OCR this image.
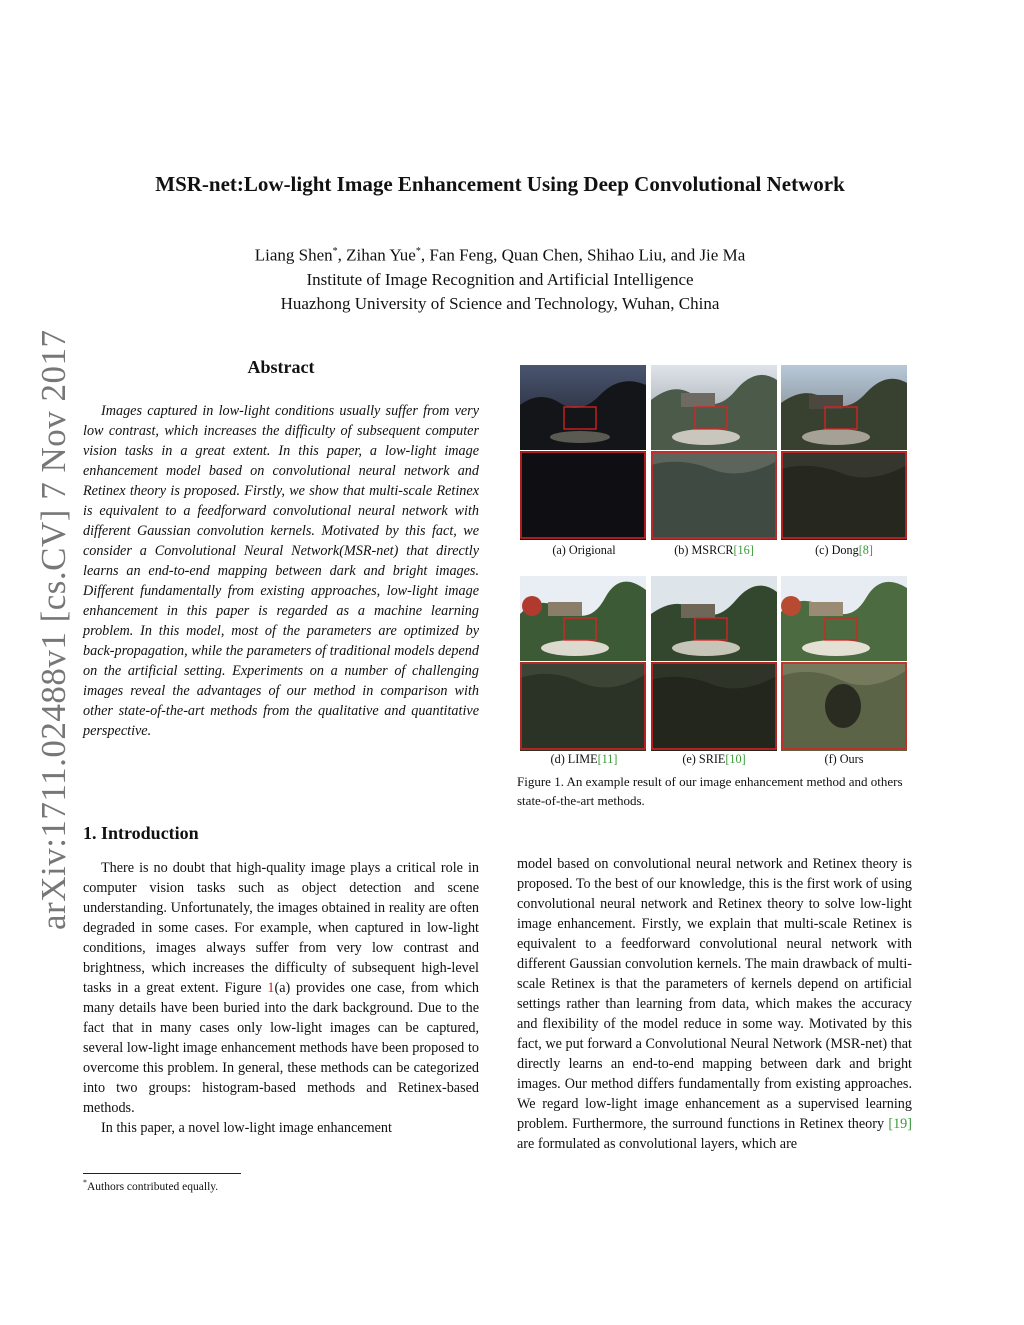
arXiv:1711.02488v1 [cs.CV] 7 Nov 2017
MSR-net:Low-light Image Enhancement Using Deep Convolutional Network
Liang Shen*, Zihan Yue*, Fan Feng, Quan Chen, Shihao Liu, and Jie Ma
Institute of Image Recognition and Artificial Intelligence
Huazhong University of Science and Technology, Wuhan, China
Abstract
Images captured in low-light conditions usually suffer from very low contrast, which increases the difficulty of subsequent computer vision tasks in a great extent. In this paper, a low-light image enhancement model based on convolutional neural network and Retinex theory is proposed. Firstly, we show that multi-scale Retinex is equivalent to a feedforward convolutional neural network with different Gaussian convolution kernels. Motivated by this fact, we consider a Convolutional Neural Network(MSR-net) that directly learns an end-to-end mapping between dark and bright images. Different fundamentally from existing approaches, low-light image enhancement in this paper is regarded as a machine learning problem. In this model, most of the parameters are optimized by back-propagation, while the parameters of traditional models depend on the artificial setting. Experiments on a number of challenging images reveal the advantages of our method in comparison with other state-of-the-art methods from the qualitative and quantitative perspective.
1. Introduction

There is no doubt that high-quality image plays a critical role in computer vision tasks such as object detection and scene understanding. Unfortunately, the images obtained in reality are often degraded in some cases. For example, when captured in low-light conditions, images always suffer from very low contrast and brightness, which increases the difficulty of subsequent high-level tasks in a great extent. Figure 1(a) provides one case, from which many details have been buried into the dark background. Due to the fact that in many cases only low-light images can be captured, several low-light image enhancement methods have been proposed to overcome this problem. In general, these methods can be categorized into two groups: histogram-based methods and Retinex-based methods.

In this paper, a novel low-light image enhancement

model based on convolutional neural network and Retinex theory is proposed. To the best of our knowledge, this is the first work of using convolutional neural network and Retinex theory to solve low-light image enhancement. Firstly, we explain that multi-scale Retinex is equivalent to a feedforward convolutional neural network with different Gaussian convolution kernels. The main drawback of multi-scale Retinex is that the parameters of kernels depend on artificial settings rather than learning from data, which makes the accuracy and flexibility of the model reduce in some way. Motivated by this fact, we put forward a Convolutional Neural Network (MSR-net) that directly learns an end-to-end mapping between dark and bright images. Our method differs fundamentally from existing approaches. We regard low-light image enhancement as a supervised learning problem. Furthermore, the surround functions in Retinex theory [19] are formulated as convolutional layers, which are

*Authors contributed equally.
(a) Origional	(b) MSRCR[16]	(c) Dong[8]
(d) LIME[11]	(e) SRIE[10]	(f) Ours
Figure 1. An example result of our image enhancement method and others state-of-the-art methods.
